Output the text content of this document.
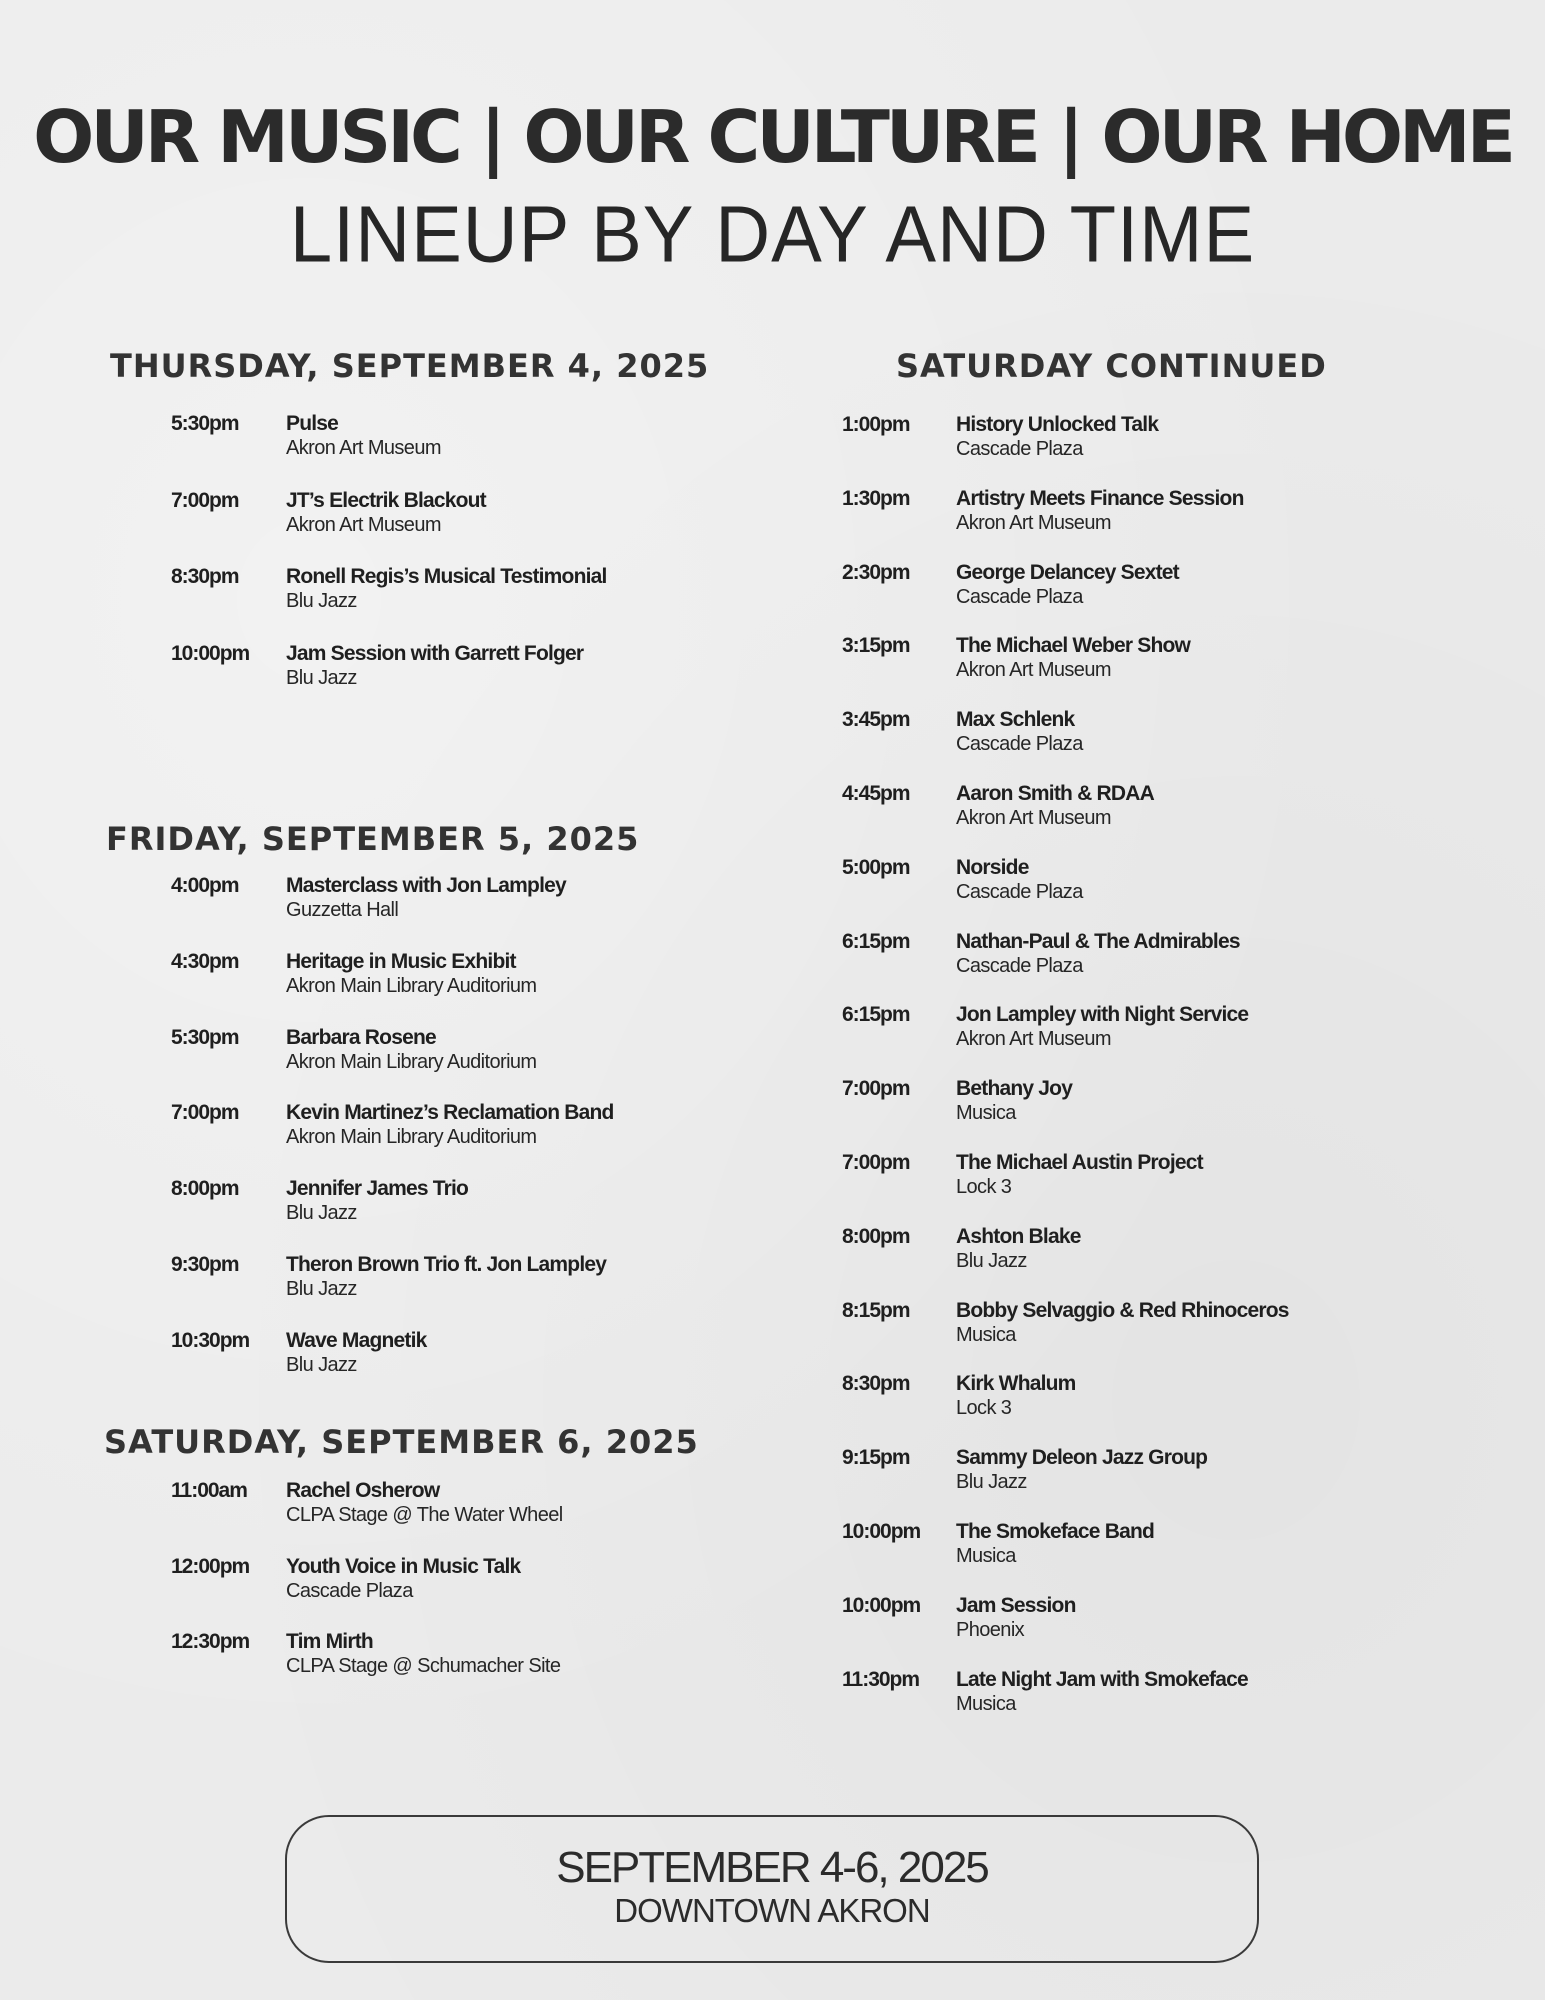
OUR MUSIC | OUR CULTURE | OUR HOME
LINEUP BY DAY AND TIME
THURSDAY, SEPTEMBER 4, 2025
5:30pm Pulse
Akron Art Museum
7:00pm JT’s Electrik Blackout
Akron Art Museum
8:30pm Ronell Regis’s Musical Testimonial
Blu Jazz
10:00pm Jam Session with Garrett Folger
Blu Jazz
FRIDAY, SEPTEMBER 5, 2025
4:00pm Masterclass with Jon Lampley
Guzzetta Hall
4:30pm Heritage in Music Exhibit
Akron Main Library Auditorium
5:30pm Barbara Rosene
Akron Main Library Auditorium
7:00pm Kevin Martinez’s Reclamation Band
Akron Main Library Auditorium
8:00pm Jennifer James Trio
Blu Jazz
9:30pm Theron Brown Trio ft. Jon Lampley
Blu Jazz
10:30pm Wave Magnetik
Blu Jazz
SATURDAY, SEPTEMBER 6, 2025
11:00am Rachel Osherow
CLPA Stage @ The Water Wheel
12:00pm Youth Voice in Music Talk
Cascade Plaza
12:30pm Tim Mirth
CLPA Stage @ Schumacher Site
SATURDAY CONTINUED
1:00pm History Unlocked Talk
Cascade Plaza
1:30pm Artistry Meets Finance Session
Akron Art Museum
2:30pm George Delancey Sextet
Cascade Plaza
3:15pm The Michael Weber Show
Akron Art Museum
3:45pm Max Schlenk
Cascade Plaza
4:45pm Aaron Smith & RDAA
Akron Art Museum
5:00pm Norside
Cascade Plaza
6:15pm Nathan-Paul & The Admirables
Cascade Plaza
6:15pm Jon Lampley with Night Service
Akron Art Museum
7:00pm Bethany Joy
Musica
7:00pm The Michael Austin Project
Lock 3
8:00pm Ashton Blake
Blu Jazz
8:15pm Bobby Selvaggio & Red Rhinoceros
Musica
8:30pm Kirk Whalum
Lock 3
9:15pm Sammy Deleon Jazz Group
Blu Jazz
10:00pm The Smokeface Band
Musica
10:00pm Jam Session
Phoenix
11:30pm Late Night Jam with Smokeface
Musica
SEPTEMBER 4-6, 2025
DOWNTOWN AKRON
